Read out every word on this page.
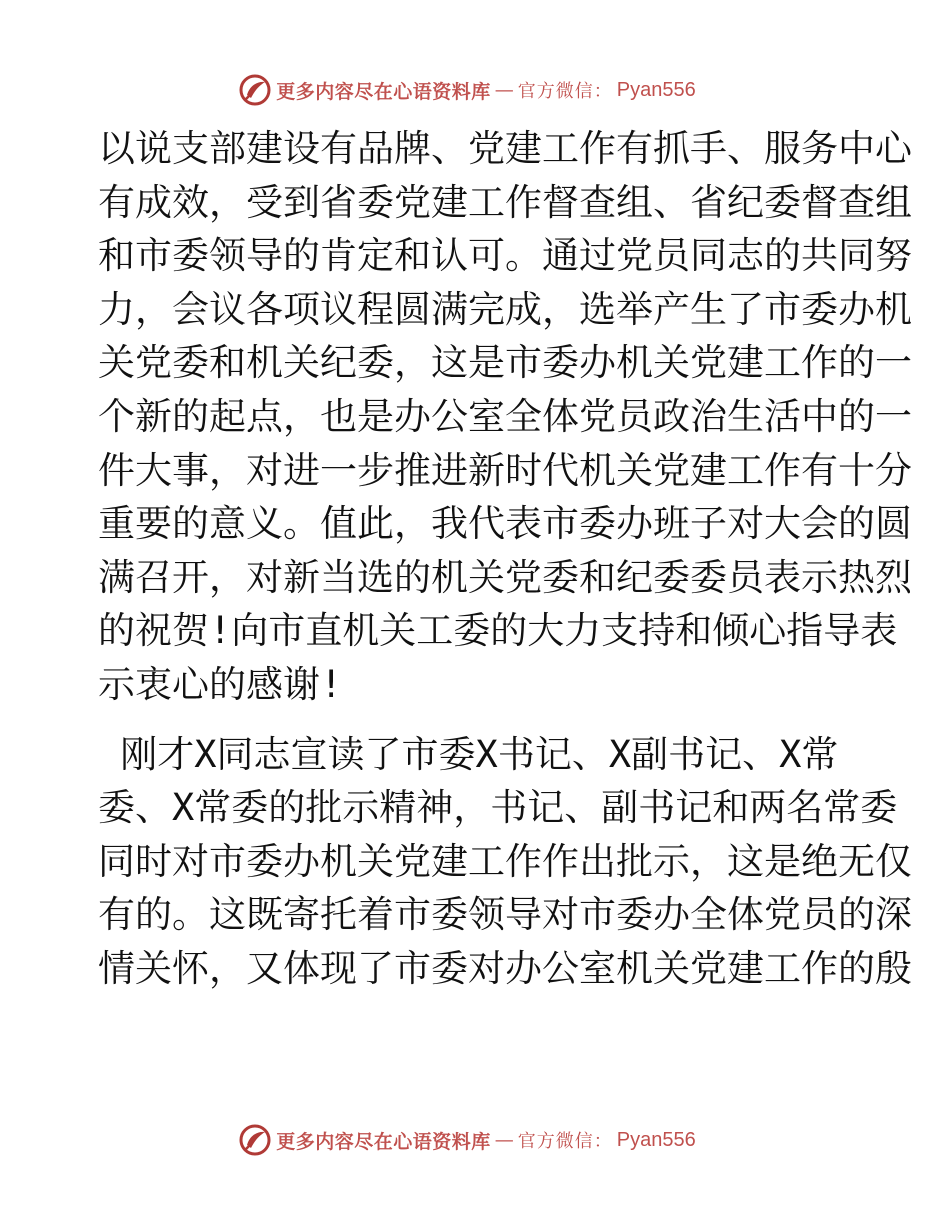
更多内容尽在心语资料库 — 官方微信： Pyan556
以说支部建设有品牌、党建工作有抓手、服务中心
有成效，受到省委党建工作督查组、省纪委督查组
和市委领导的肯定和认可。通过党员同志的共同努
力，会议各项议程圆满完成，选举产生了市委办机
关党委和机关纪委，这是市委办机关党建工作的一
个新的起点，也是办公室全体党员政治生活中的一
件大事，对进一步推进新时代机关党建工作有十分
重要的意义。值此，我代表市委办班子对大会的圆
满召开，对新当选的机关党委和纪委委员表示热烈
的祝贺!向市直机关工委的大力支持和倾心指导表
示衷心的感谢!
刚才X同志宣读了市委X书记、X副书记、X常
委、X常委的批示精神，书记、副书记和两名常委
同时对市委办机关党建工作作出批示，这是绝无仅
有的。这既寄托着市委领导对市委办全体党员的深
情关怀，又体现了市委对办公室机关党建工作的殷
更多内容尽在心语资料库 — 官方微信： Pyan556
